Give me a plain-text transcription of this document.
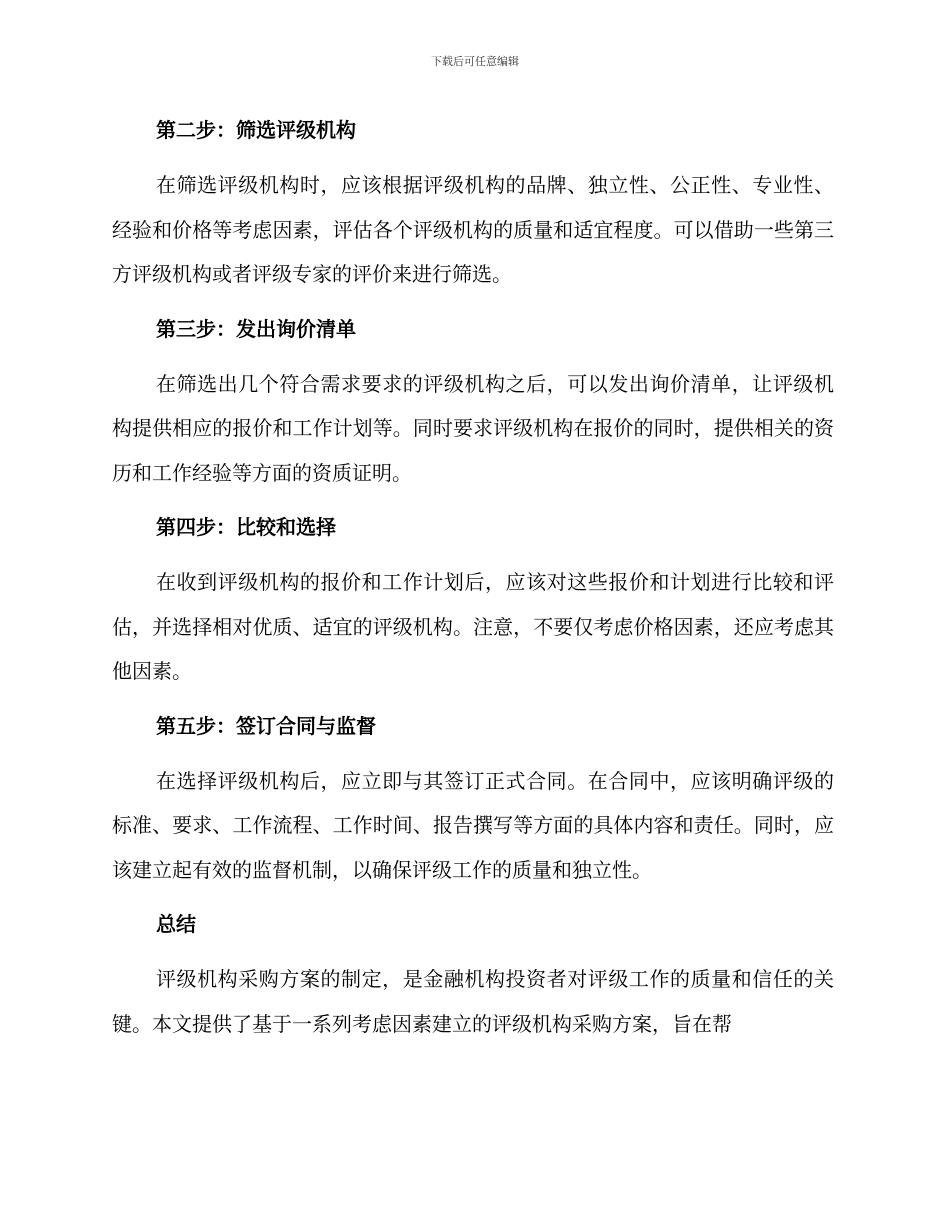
下载后可任意编辑
第二步：筛选评级机构

在筛选评级机构时，应该根据评级机构的品牌、独立性、公正性、专业性、经验和价格等考虑因素，评估各个评级机构的质量和适宜程度。可以借助一些第三方评级机构或者评级专家的评价来进行筛选。

第三步：发出询价清单

在筛选出几个符合需求要求的评级机构之后，可以发出询价清单，让评级机构提供相应的报价和工作计划等。同时要求评级机构在报价的同时，提供相关的资历和工作经验等方面的资质证明。

第四步：比较和选择

在收到评级机构的报价和工作计划后，应该对这些报价和计划进行比较和评估，并选择相对优质、适宜的评级机构。注意，不要仅考虑价格因素，还应考虑其他因素。

第五步：签订合同与监督

在选择评级机构后，应立即与其签订正式合同。在合同中，应该明确评级的标准、要求、工作流程、工作时间、报告撰写等方面的具体内容和责任。同时，应该建立起有效的监督机制，以确保评级工作的质量和独立性。

总结

评级机构采购方案的制定，是金融机构投资者对评级工作的质量和信任的关键。本文提供了基于一系列考虑因素建立的评级机构采购方案，旨在帮
